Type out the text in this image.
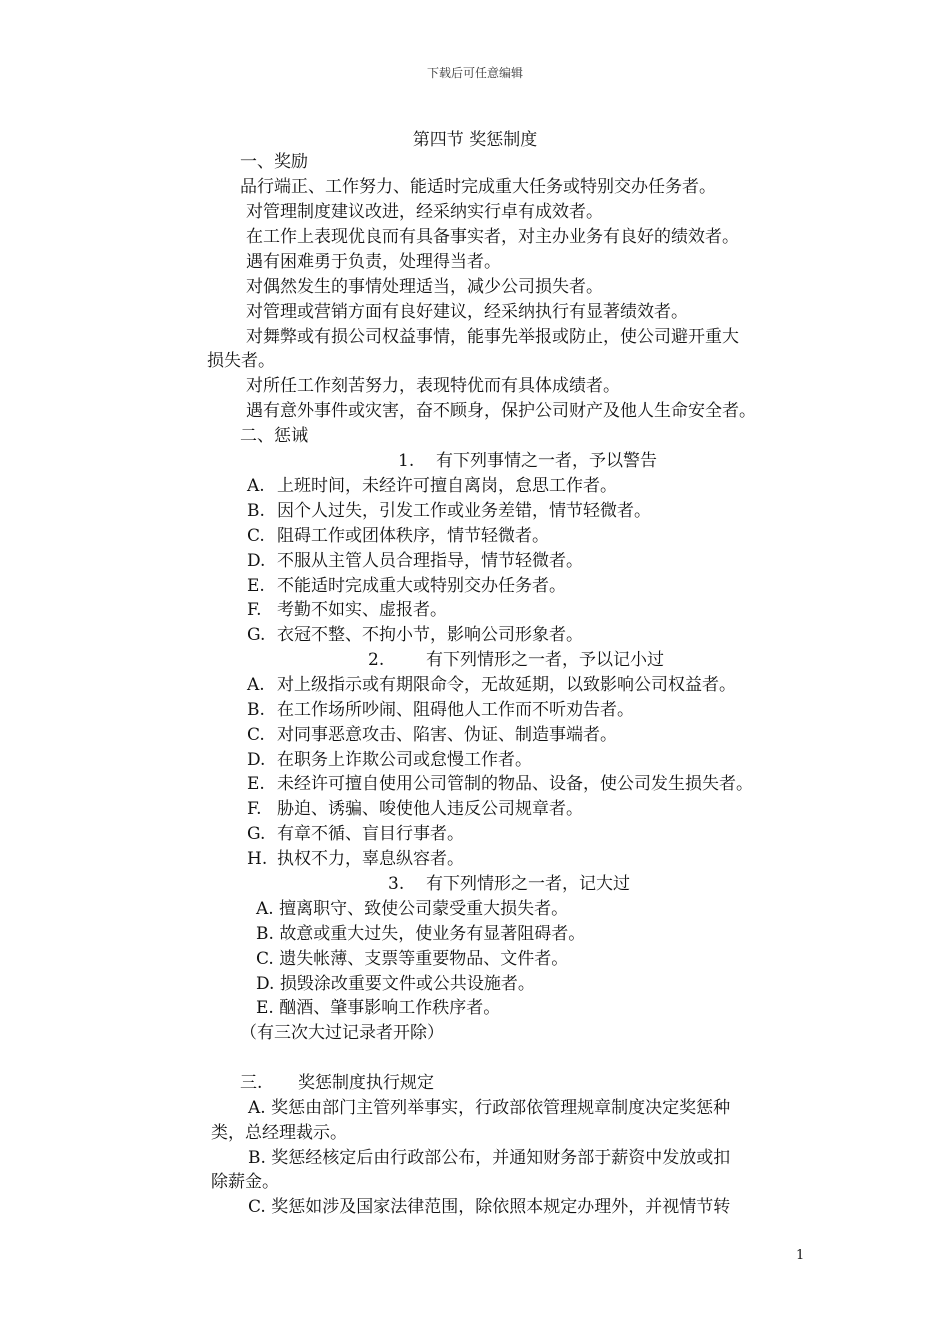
下载后可任意编辑
第四节 奖惩制度
一、奖励
品行端正、工作努力、能适时完成重大任务或特别交办任务者。
对管理制度建议改进，经采纳实行卓有成效者。
在工作上表现优良而有具备事实者，对主办业务有良好的绩效者。
遇有困难勇于负责，处理得当者。
对偶然发生的事情处理适当，减少公司损失者。
对管理或营销方面有良好建议，经采纳执行有显著绩效者。
对舞弊或有损公司权益事情，能事先举报或防止，使公司避开重大
损失者。
对所任工作刻苦努力，表现特优而有具体成绩者。
遇有意外事件或灾害，奋不顾身，保护公司财产及他人生命安全者。
二、惩诫
1. 有下列事情之一者，予以警告
A. 上班时间，未经许可擅自离岗，怠思工作者。
B. 因个人过失，引发工作或业务差错，情节轻微者。
C. 阻碍工作或团体秩序，情节轻微者。
D. 不服从主管人员合理指导，情节轻微者。
E. 不能适时完成重大或特别交办任务者。
F. 考勤不如实、虚报者。
G. 衣冠不整、不拘小节，影响公司形象者。
2. 有下列情形之一者，予以记小过
A. 对上级指示或有期限命令，无故延期，以致影响公司权益者。
B. 在工作场所吵闹、阻碍他人工作而不听劝告者。
C. 对同事恶意攻击、陷害、伪证、制造事端者。
D. 在职务上诈欺公司或怠慢工作者。
E. 未经许可擅自使用公司管制的物品、设备，使公司发生损失者。
F. 胁迫、诱骗、唆使他人违反公司规章者。
G. 有章不循、盲目行事者。
H. 执权不力，辜息纵容者。
3. 有下列情形之一者，记大过
A. 擅离职守、致使公司蒙受重大损失者。
B. 故意或重大过失，使业务有显著阻碍者。
C. 遗失帐薄、支票等重要物品、文件者。
D. 损毁涂改重要文件或公共设施者。
E. 酗酒、肇事影响工作秩序者。
（有三次大过记录者开除）
三. 奖惩制度执行规定
A. 奖惩由部门主管列举事实，行政部依管理规章制度决定奖惩种
类，总经理裁示。
B. 奖惩经核定后由行政部公布，并通知财务部于薪资中发放或扣
除薪金。
C. 奖惩如涉及国家法律范围，除依照本规定办理外，并视情节转
1
